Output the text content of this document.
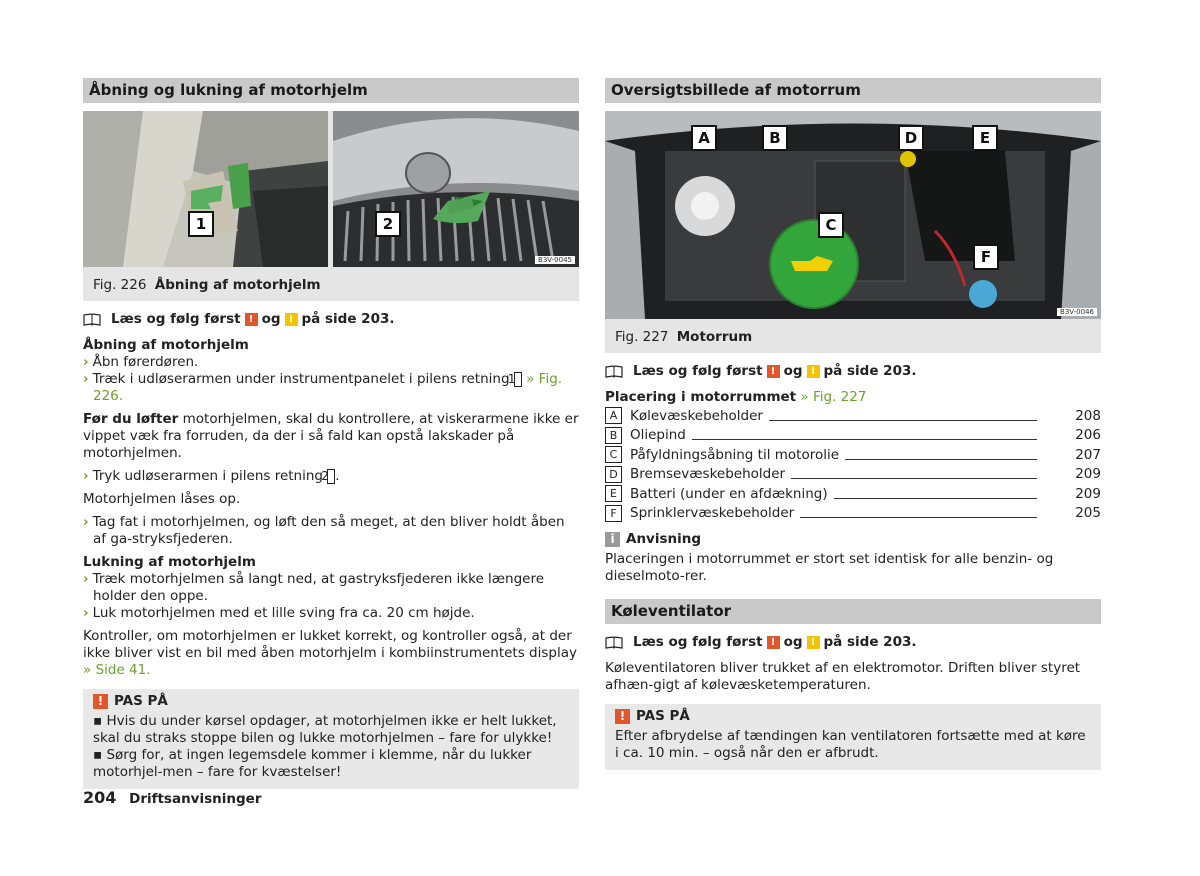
Åbning og lukning af motorhjelm
1	2
B3V-0045
Fig. 226 Åbning af motorhjelm
Læs og følg først ! og ! på side 203.

Åbning af motorhjelm

› Åbn førerdøren.

› Træk i udløserarmen under instrumentpanelet i pilens retning 1 » Fig. 226.

Før du løfter motorhjelmen, skal du kontrollere, at viskerarmene ikke er vippet væk fra forruden, da der i så fald kan opstå lakskader på motorhjelmen.

› Tryk udløserarmen i pilens retning 2 .

Motorhjelmen låses op.

› Tag fat i motorhjelmen, og løft den så meget, at den bliver holdt åben af ga-stryksfjederen.

Lukning af motorhjelm

› Træk motorhjelmen så langt ned, at gastryksfjederen ikke længere holder den oppe.

› Luk motorhjelmen med et lille sving fra ca. 20 cm højde.

Kontroller, om motorhjelmen er lukket korrekt, og kontroller også, at der ikke bliver vist en bil med åben motorhjelm i kombiinstrumentets display » Side 41.

! PAS PÅ

▪ Hvis du under kørsel opdager, at motorhjelmen ikke er helt lukket, skal du straks stoppe bilen og lukke motorhjelmen – fare for ulykke!

▪ Sørg for, at ingen legemsdele kommer i klemme, når du lukker motorhjel-men – fare for kvæstelser!

Oversigtsbillede af motorrum
A	B
C
D	E
F
B3V-0046
Fig. 227 Motorrum
Læs og følg først ! og ! på side 203.

Placering i motorrummet » Fig. 227

A Kølevæskebeholder	208
B Oliepind	206
C Påfyldningsåbning til motorolie	207
D Bremsevæskebeholder	209
E Batteri (under en afdækning)	209
F Sprinklervæskebeholder	205
i Anvisning

Placeringen i motorrummet er stort set identisk for alle benzin- og dieselmoto-rer.

Køleventilator
Læs og følg først ! og ! på side 203.

Køleventilatoren bliver trukket af en elektromotor. Driften bliver styret afhæn-gigt af kølevæsketemperaturen.

! PAS PÅ

Efter afbrydelse af tændingen kan ventilatoren fortsætte med at køre i ca. 10 min. – også når den er afbrudt.

204 Driftsanvisninger
